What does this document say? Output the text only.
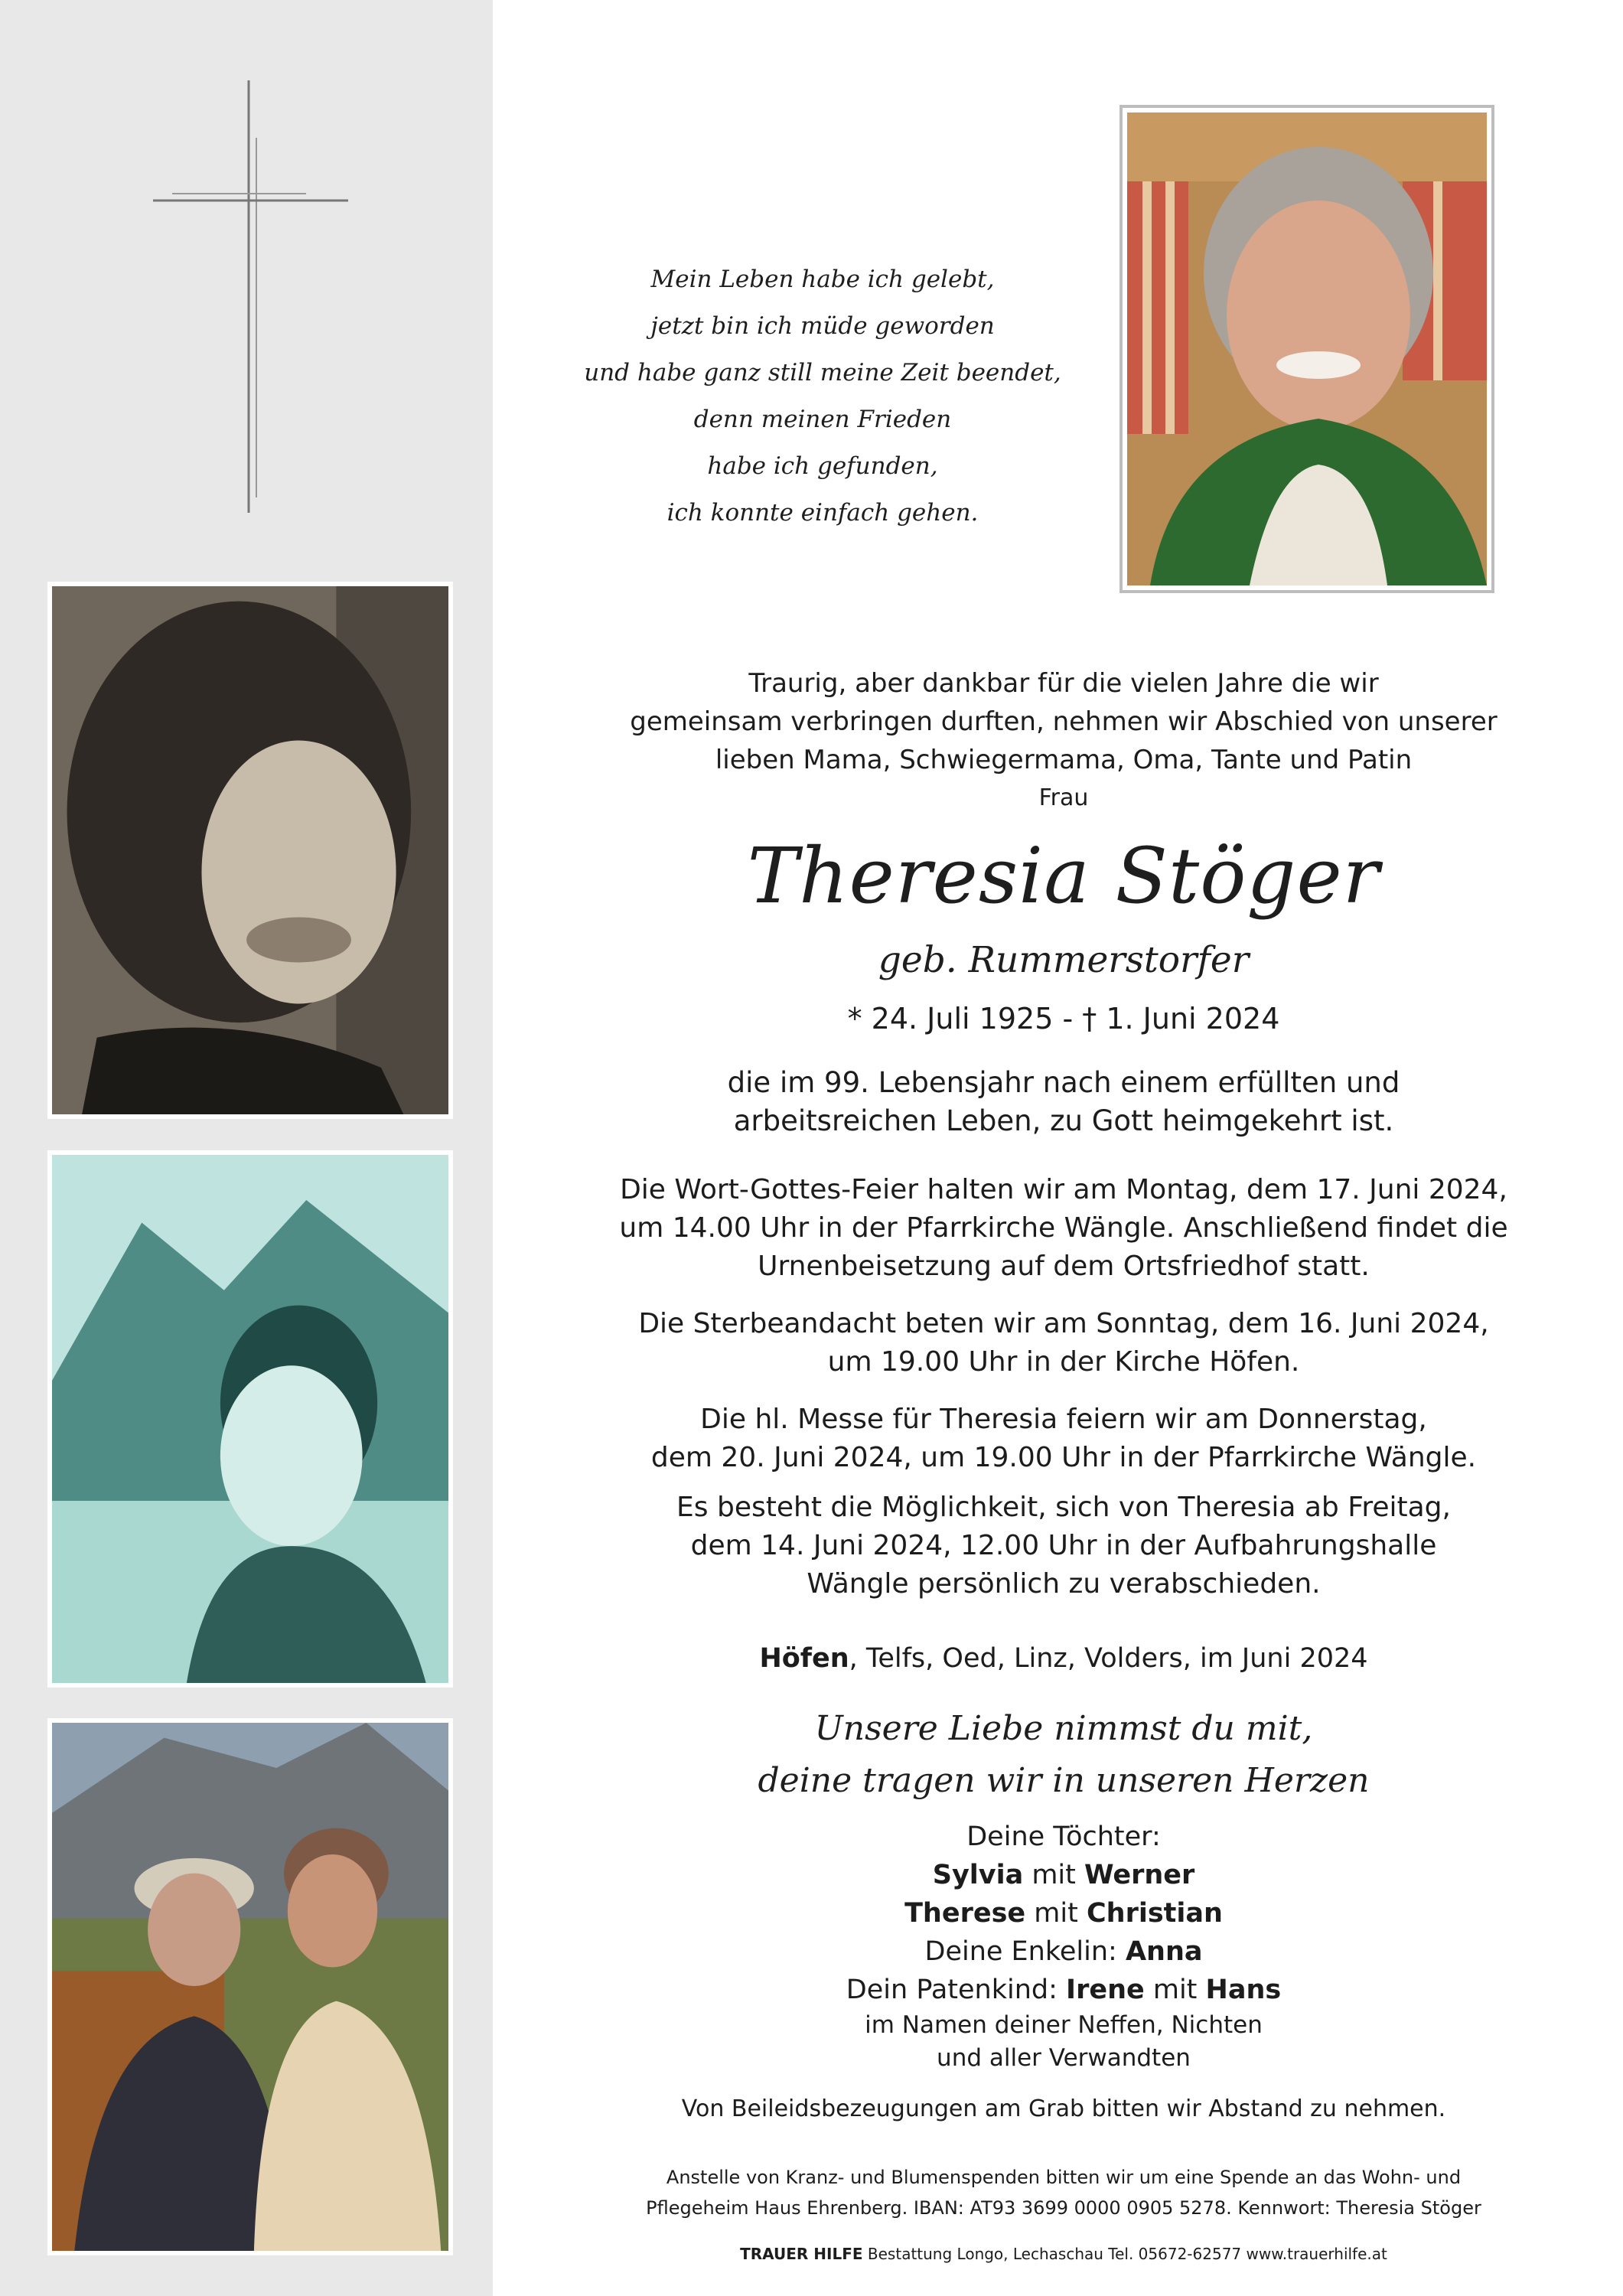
Mein Leben habe ich gelebt,
jetzt bin ich müde geworden
und habe ganz still meine Zeit beendet,
denn meinen Frieden
habe ich gefunden,
ich konnte einfach gehen.
Traurig, aber dankbar für die vielen Jahre die wir
gemeinsam verbringen durften, nehmen wir Abschied von unserer
lieben Mama, Schwiegermama, Oma, Tante und Patin
Frau
Theresia Stöger
geb. Rummerstorfer
* 24. Juli 1925 - † 1. Juni 2024
die im 99. Lebensjahr nach einem erfüllten und
arbeitsreichen Leben, zu Gott heimgekehrt ist.
Die Wort-Gottes-Feier halten wir am Montag, dem 17. Juni 2024,
um 14.00 Uhr in der Pfarrkirche Wängle. Anschließend findet die
Urnenbeisetzung auf dem Ortsfriedhof statt.
Die Sterbeandacht beten wir am Sonntag, dem 16. Juni 2024,
um 19.00 Uhr in der Kirche Höfen.
Die hl. Messe für Theresia feiern wir am Donnerstag,
dem 20. Juni 2024, um 19.00 Uhr in der Pfarrkirche Wängle.
Es besteht die Möglichkeit, sich von Theresia ab Freitag,
dem 14. Juni 2024, 12.00 Uhr in der Aufbahrungshalle
Wängle persönlich zu verabschieden.
Höfen, Telfs, Oed, Linz, Volders, im Juni 2024
Unsere Liebe nimmst du mit,
deine tragen wir in unseren Herzen
Deine Töchter:
Sylvia mit Werner
Therese mit Christian
Deine Enkelin: Anna
Dein Patenkind: Irene mit Hans
im Namen deiner Neffen, Nichten
und aller Verwandten
Von Beileidsbezeugungen am Grab bitten wir Abstand zu nehmen.
Anstelle von Kranz- und Blumenspenden bitten wir um eine Spende an das Wohn- und
Pflegeheim Haus Ehrenberg. IBAN: AT93 3699 0000 0905 5278. Kennwort: Theresia Stöger
TRAUER HILFE Bestattung Longo, Lechaschau Tel. 05672-62577 www.trauerhilfe.at
